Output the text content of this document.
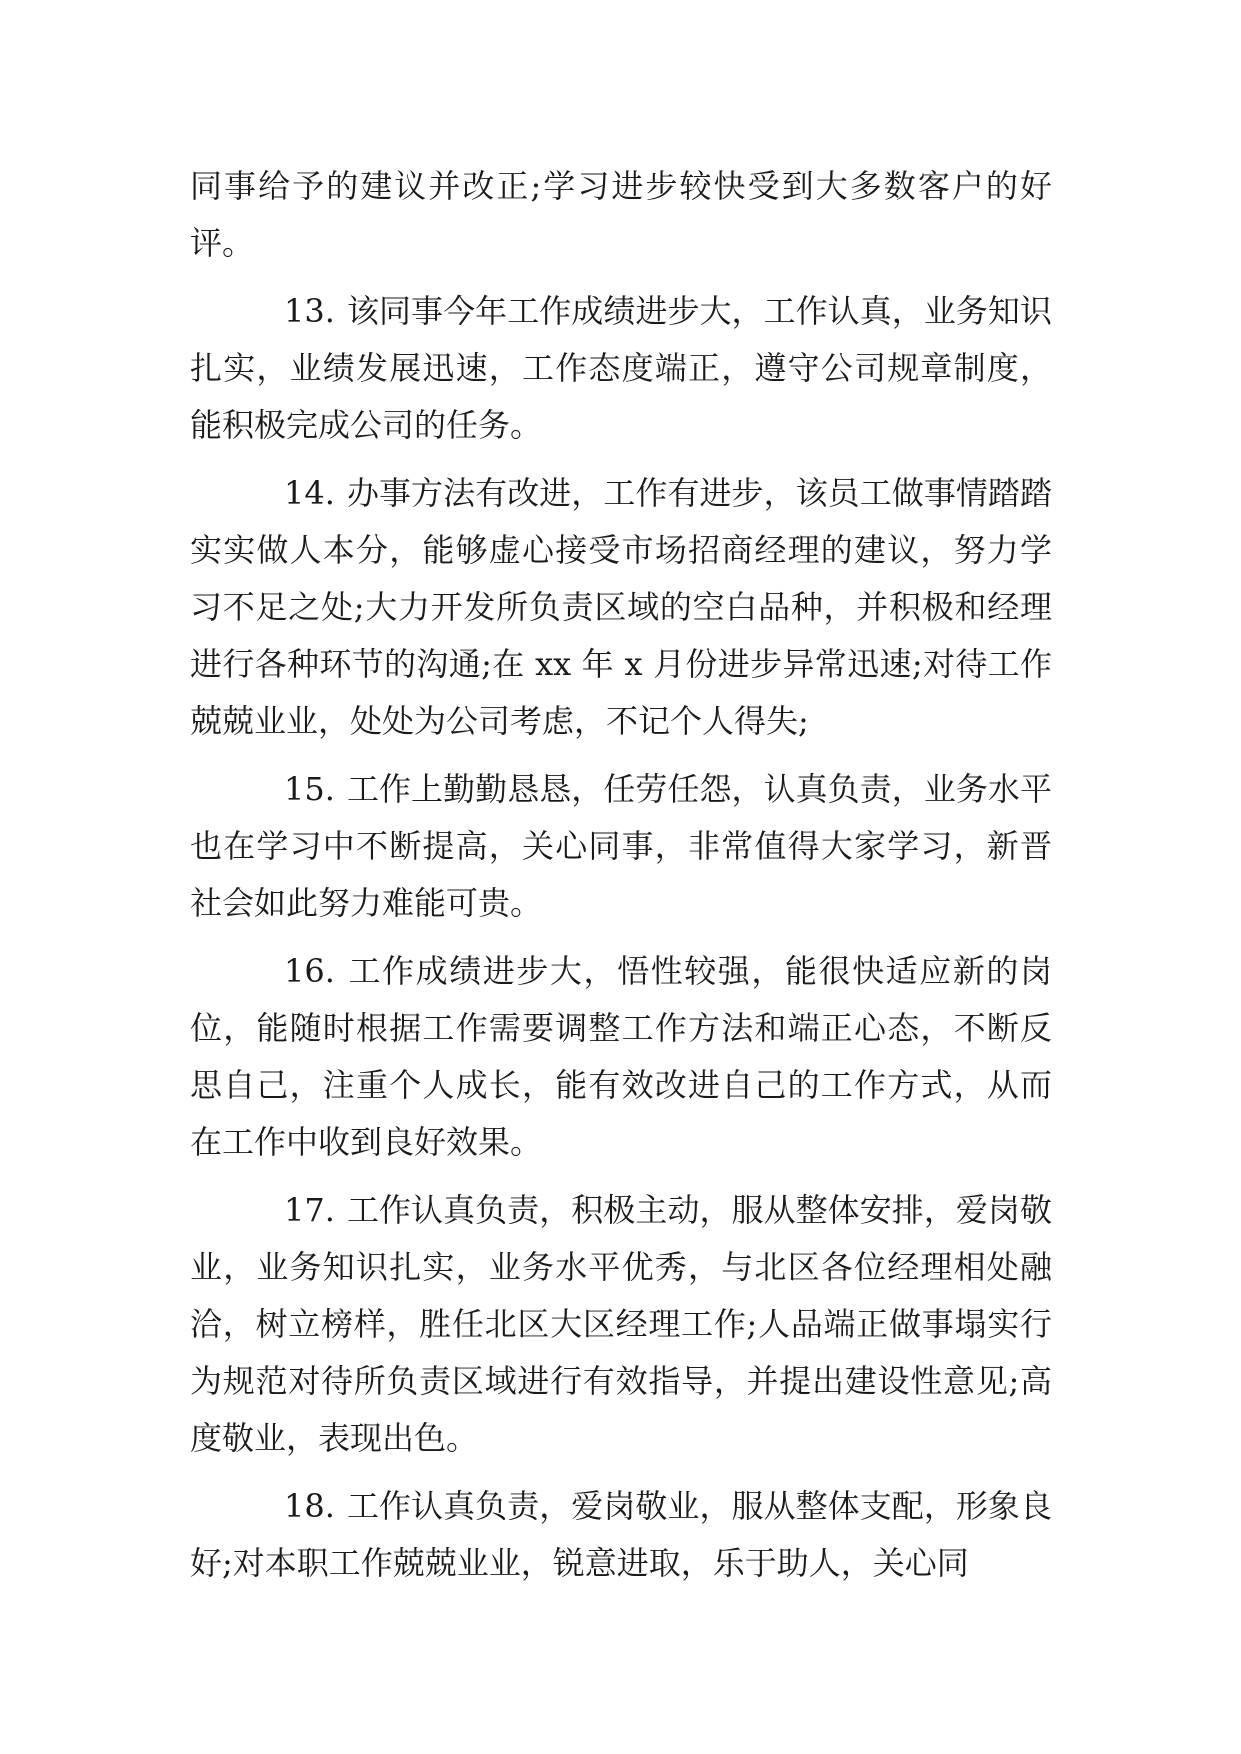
同事给予的建议并改正;学习进步较快受到大多数客户的好评。

13. 该同事今年工作成绩进步大，工作认真，业务知识扎实，业绩发展迅速，工作态度端正，遵守公司规章制度，能积极完成公司的任务。

14. 办事方法有改进，工作有进步，该员工做事情踏踏实实做人本分，能够虚心接受市场招商经理的建议，努力学习不足之处;大力开发所负责区域的空白品种，并积极和经理进行各种环节的沟通;在 xx 年 x 月份进步异常迅速;对待工作兢兢业业，处处为公司考虑，不记个人得失;

15. 工作上勤勤恳恳，任劳任怨，认真负责，业务水平也在学习中不断提高，关心同事，非常值得大家学习，新晋社会如此努力难能可贵。

16. 工作成绩进步大，悟性较强，能很快适应新的岗位，能随时根据工作需要调整工作方法和端正心态，不断反思自己，注重个人成长，能有效改进自己的工作方式，从而在工作中收到良好效果。

17. 工作认真负责，积极主动，服从整体安排，爱岗敬业，业务知识扎实，业务水平优秀，与北区各位经理相处融洽，树立榜样，胜任北区大区经理工作;人品端正做事塌实行为规范对待所负责区域进行有效指导，并提出建设性意见;高度敬业，表现出色。

18. 工作认真负责，爱岗敬业，服从整体支配，形象良好;对本职工作兢兢业业，锐意进取，乐于助人，关心同
